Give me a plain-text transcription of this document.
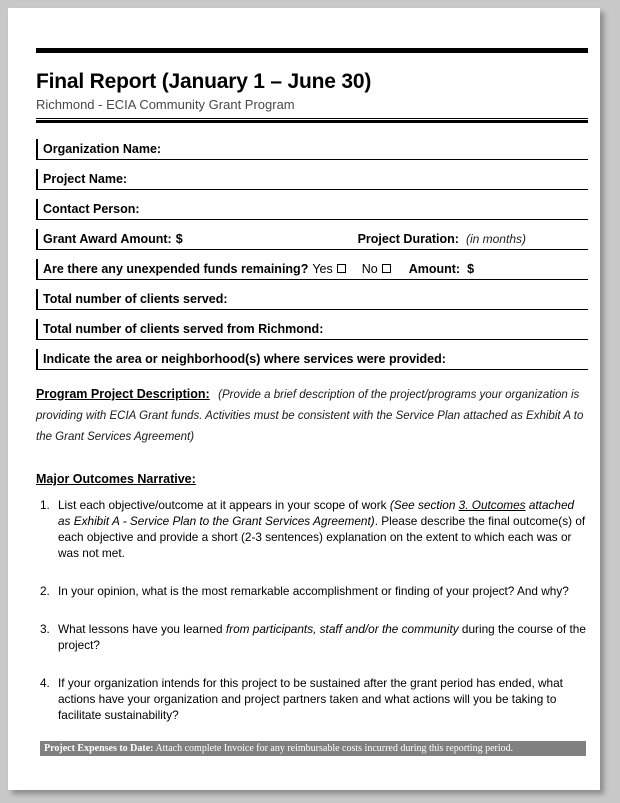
Final Report (January 1 – June 30)
Richmond - ECIA Community Grant Program
Organization Name:
Project Name:
Contact Person:
Grant Award Amount: $	Project Duration: (in months)
Are there any unexpended funds remaining? Yes No Amount: $
Total number of clients served:
Total number of clients served from Richmond:
Indicate the area or neighborhood(s) where services were provided:
Program Project Description: (Provide a brief description of the project/programs your organization is providing with ECIA Grant funds. Activities must be consistent with the Service Plan attached as Exhibit A to the Grant Services Agreement)
Major Outcomes Narrative:
1. List each objective/outcome at it appears in your scope of work (See section 3. Outcomes attached as Exhibit A - Service Plan to the Grant Services Agreement). Please describe the final outcome(s) of each objective and provide a short (2-3 sentences) explanation on the extent to which each was or was not met.
2. In your opinion, what is the most remarkable accomplishment or finding of your project? And why?
3. What lessons have you learned from participants, staff and/or the community during the course of the project?
4. If your organization intends for this project to be sustained after the grant period has ended, what actions have your organization and project partners taken and what actions will you be taking to facilitate sustainability?
Project Expenses to Date: Attach complete Invoice for any reimbursable costs incurred during this reporting period.
